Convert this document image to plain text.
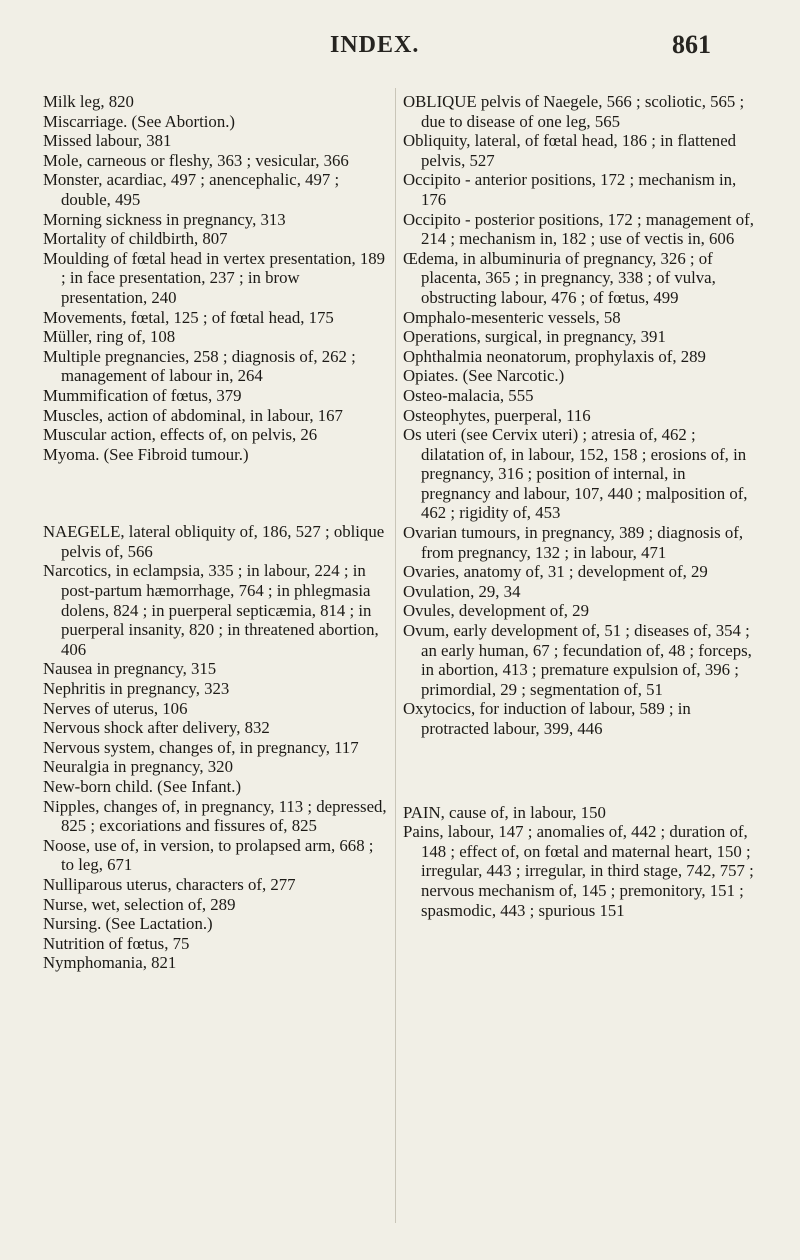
INDEX.	861

Milk leg, 820

Miscarriage. (See Abortion.)

Missed labour, 381

Mole, carneous or fleshy, 363 ; vesicular, 366

Monster, acardiac, 497 ; anencephalic, 497 ; double, 495

Morning sickness in pregnancy, 313

Mortality of childbirth, 807

Moulding of fœtal head in vertex presentation, 189 ; in face presentation, 237 ; in brow presentation, 240

Movements, fœtal, 125 ; of fœtal head, 175

Müller, ring of, 108

Multiple pregnancies, 258 ; diagnosis of, 262 ; management of labour in, 264

Mummification of fœtus, 379

Muscles, action of abdominal, in labour, 167

Muscular action, effects of, on pelvis, 26

Myoma. (See Fibroid tumour.)

NAEGELE, lateral obliquity of, 186, 527 ; oblique pelvis of, 566

Narcotics, in eclampsia, 335 ; in labour, 224 ; in post-partum hæmorrhage, 764 ; in phlegmasia dolens, 824 ; in puerperal septicæmia, 814 ; in puerperal insanity, 820 ; in threatened abortion, 406

Nausea in pregnancy, 315

Nephritis in pregnancy, 323

Nerves of uterus, 106

Nervous shock after delivery, 832

Nervous system, changes of, in pregnancy, 117

Neuralgia in pregnancy, 320

New-born child. (See Infant.)

Nipples, changes of, in pregnancy, 113 ; depressed, 825 ; excoriations and fissures of, 825

Noose, use of, in version, to prolapsed arm, 668 ; to leg, 671

Nulliparous uterus, characters of, 277

Nurse, wet, selection of, 289

Nursing. (See Lactation.)

Nutrition of fœtus, 75

Nymphomania, 821

OBLIQUE pelvis of Naegele, 566 ; scoliotic, 565 ; due to disease of one leg, 565

Obliquity, lateral, of fœtal head, 186 ; in flattened pelvis, 527

Occipito - anterior positions, 172 ; mechanism in, 176

Occipito - posterior positions, 172 ; management of, 214 ; mechanism in, 182 ; use of vectis in, 606

Œdema, in albuminuria of pregnancy, 326 ; of placenta, 365 ; in pregnancy, 338 ; of vulva, obstructing labour, 476 ; of fœtus, 499

Omphalo-mesenteric vessels, 58

Operations, surgical, in pregnancy, 391

Ophthalmia neonatorum, prophylaxis of, 289

Opiates. (See Narcotic.)

Osteo-malacia, 555

Osteophytes, puerperal, 116

Os uteri (see Cervix uteri) ; atresia of, 462 ; dilatation of, in labour, 152, 158 ; erosions of, in pregnancy, 316 ; position of internal, in pregnancy and labour, 107, 440 ; malposition of, 462 ; rigidity of, 453

Ovarian tumours, in pregnancy, 389 ; diagnosis of, from pregnancy, 132 ; in labour, 471

Ovaries, anatomy of, 31 ; development of, 29

Ovulation, 29, 34

Ovules, development of, 29

Ovum, early development of, 51 ; diseases of, 354 ; an early human, 67 ; fecundation of, 48 ; forceps, in abortion, 413 ; premature expulsion of, 396 ; primordial, 29 ; segmentation of, 51

Oxytocics, for induction of labour, 589 ; in protracted labour, 399, 446

PAIN, cause of, in labour, 150

Pains, labour, 147 ; anomalies of, 442 ; duration of, 148 ; effect of, on fœtal and maternal heart, 150 ; irregular, 443 ; irregular, in third stage, 742, 757 ; nervous mechanism of, 145 ; premonitory, 151 ; spasmodic, 443 ; spurious 151
